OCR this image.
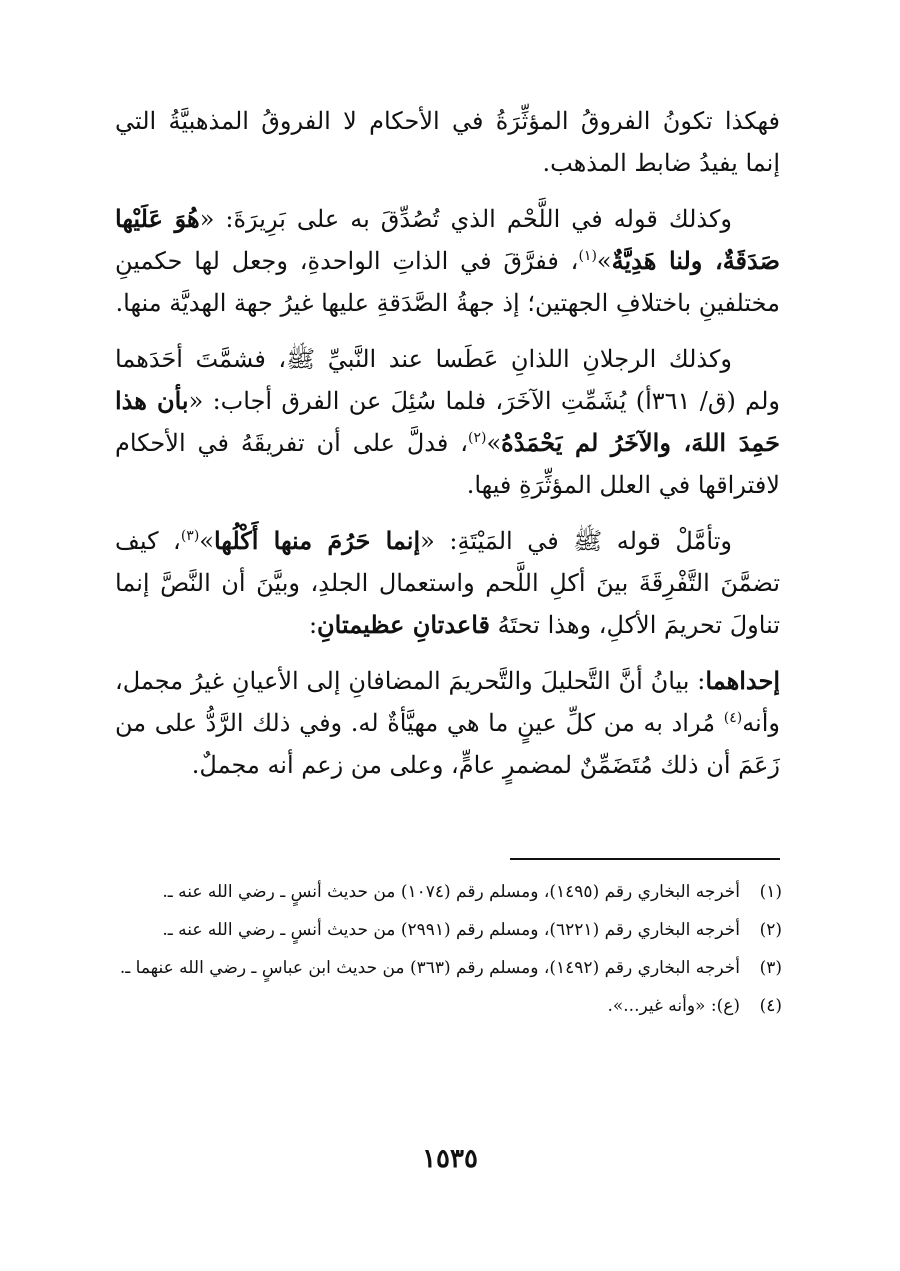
فهكذا تكونُ الفروقُ المؤثِّرَةُ في الأحكام لا الفروقُ المذهبيَّةُ التي إنما يفيدُ ضابط المذهب.

وكذلك قوله في اللَّحْم الذي تُصُدِّقَ به على بَرِيرَةَ: «هُوَ عَلَيْها صَدَقَةٌ، ولنا هَدِيَّةٌ»$^{(١)}$، ففرَّقَ في الذاتِ الواحدةِ، وجعل لها حكمينِ مختلفينِ باختلافِ الجهتين؛ إذ جهةُ الصَّدَقةِ عليها غيرُ جهة الهديَّة منها.

وكذلك الرجلانِ اللذانِ عَطَسا عند النَّبيِّ ﷺ، فشمَّتَ أحَدَهما ولم (ق/ ٣٦١أ) يُشَمِّتِ الآخَرَ، فلما سُئِلَ عن الفرق أجاب: «بأن هذا حَمِدَ اللهَ، والآخَرُ لم يَحْمَدْهُ»$^{(٢)}$، فدلَّ على أن تفريقَهُ في الأحكام لافتراقها في العلل المؤثِّرَةِ فيها.

وتأمَّلْ قوله ﷺ في المَيْتَةِ: «إنما حَرُمَ منها أَكْلُها»$^{(٣)}$، كيف تضمَّنَ التَّفْرِقَةَ بينَ أكلِ اللَّحم واستعمال الجلدِ، وبيَّنَ أن النَّصَّ إنما تناولَ تحريمَ الأكلِ، وهذا تحتَهُ قاعدتانِ عظيمتانِ:

إحداهما: بيانُ أنَّ التَّحليلَ والتَّحريمَ المضافانِ إلى الأعيانِ غيرُ مجمل، وأنه$^{(٤)}$ مُراد به من كلِّ عينٍ ما هي مهيَّأةٌ له. وفي ذلك الرَّدُّ على من زَعَمَ أن ذلك مُتَضَمِّنٌ لمضمرٍ عامٍّ، وعلى من زعم أنه مجملٌ.

(١)
أخرجه البخاري رقم (١٤٩٥)، ومسلم رقم (١٠٧٤) من حديث أنسٍ ـ رضي الله عنه ـ.
(٢)
أخرجه البخاري رقم (٦٢٢١)، ومسلم رقم (٢٩٩١) من حديث أنسٍ ـ رضي الله عنه ـ.
(٣)
أخرجه البخاري رقم (١٤٩٢)، ومسلم رقم (٣٦٣) من حديث ابن عباسٍ ـ رضي الله عنهما ـ.
(٤)
(ع): «وأنه غير...».
١٥٣٥
